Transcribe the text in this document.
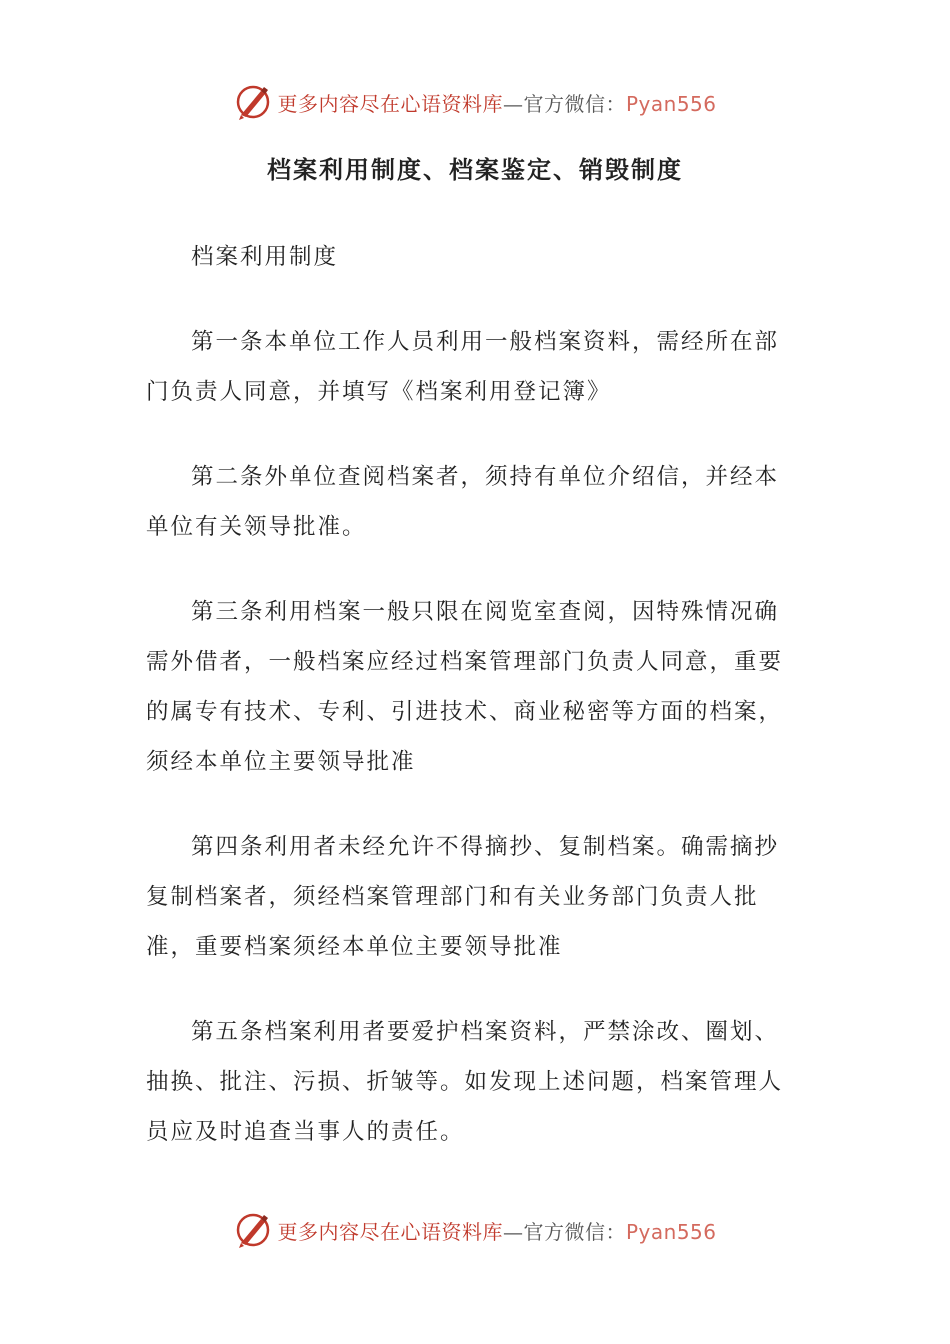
更多内容尽在心语资料库—官方微信：Pyan556
档案利用制度、档案鉴定、销毁制度

档案利用制度

第一条本单位工作人员利用一般档案资料，需经所在部门负责人同意，并填写《档案利用登记簿》

第二条外单位查阅档案者，须持有单位介绍信，并经本单位有关领导批准。

第三条利用档案一般只限在阅览室查阅，因特殊情况确需外借者，一般档案应经过档案管理部门负责人同意，重要的属专有技术、专利、引进技术、商业秘密等方面的档案，须经本单位主要领导批准

第四条利用者未经允许不得摘抄、复制档案。确需摘抄复制档案者，须经档案管理部门和有关业务部门负责人批准，重要档案须经本单位主要领导批准

第五条档案利用者要爱护档案资料，严禁涂改、圈划、抽换、批注、污损、折皱等。如发现上述问题，档案管理人员应及时追查当事人的责任。

更多内容尽在心语资料库—官方微信：Pyan556
